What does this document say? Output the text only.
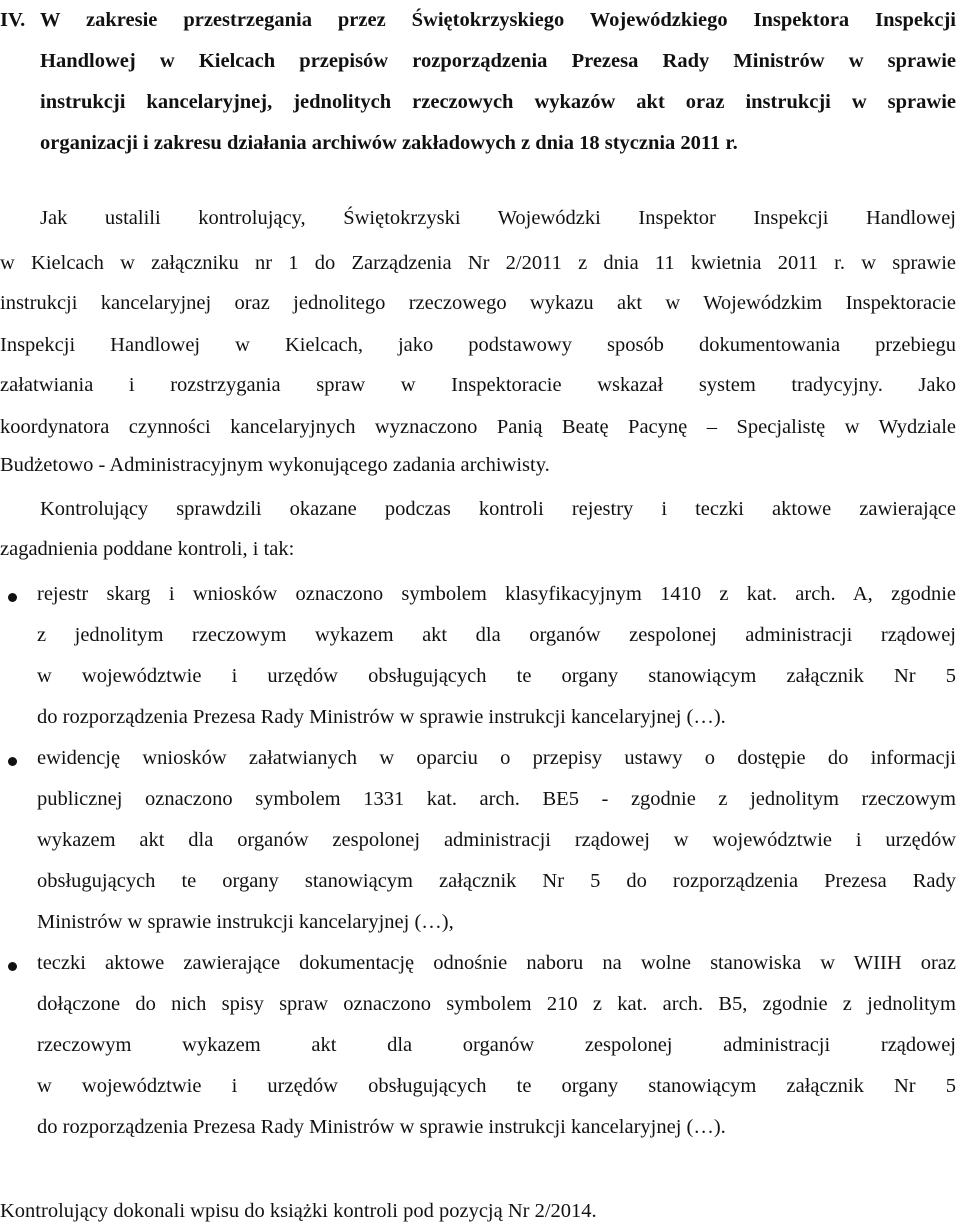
IV. W zakresie przestrzegania przez Świętokrzyskiego Wojewódzkiego Inspektora Inspekcji
Handlowej w Kielcach przepisów rozporządzenia Prezesa Rady Ministrów w sprawie
instrukcji kancelaryjnej, jednolitych rzeczowych wykazów akt oraz instrukcji w sprawie
organizacji i zakresu działania archiwów zakładowych z dnia 18 stycznia 2011 r.
Jak ustalili kontrolujący, Świętokrzyski Wojewódzki Inspektor Inspekcji Handlowej
w Kielcach w załączniku nr 1 do Zarządzenia Nr 2/2011 z dnia 11 kwietnia 2011 r. w sprawie
instrukcji kancelaryjnej oraz jednolitego rzeczowego wykazu akt w Wojewódzkim Inspektoracie
Inspekcji Handlowej w Kielcach, jako podstawowy sposób dokumentowania przebiegu
załatwiania i rozstrzygania spraw w Inspektoracie wskazał system tradycyjny. Jako
koordynatora czynności kancelaryjnych wyznaczono Panią Beatę Pacynę – Specjalistę w Wydziale
Budżetowo - Administracyjnym wykonującego zadania archiwisty.
Kontrolujący sprawdzili okazane podczas kontroli rejestry i teczki aktowe zawierające
zagadnienia poddane kontroli, i tak:
rejestr skarg i wniosków oznaczono symbolem klasyfikacyjnym 1410 z kat. arch. A, zgodnie
z jednolitym rzeczowym wykazem akt dla organów zespolonej administracji rządowej
w województwie i urzędów obsługujących te organy stanowiącym załącznik Nr 5
do rozporządzenia Prezesa Rady Ministrów w sprawie instrukcji kancelaryjnej (…).
ewidencję wniosków załatwianych w oparciu o przepisy ustawy o dostępie do informacji
publicznej oznaczono symbolem 1331 kat. arch. BE5 - zgodnie z jednolitym rzeczowym
wykazem akt dla organów zespolonej administracji rządowej w województwie i urzędów
obsługujących te organy stanowiącym załącznik Nr 5 do rozporządzenia Prezesa Rady
Ministrów w sprawie instrukcji kancelaryjnej (…),
teczki aktowe zawierające dokumentację odnośnie naboru na wolne stanowiska w WIIH oraz
dołączone do nich spisy spraw oznaczono symbolem 210 z kat. arch. B5, zgodnie z jednolitym
rzeczowym wykazem akt dla organów zespolonej administracji rządowej
w województwie i urzędów obsługujących te organy stanowiącym załącznik Nr 5
do rozporządzenia Prezesa Rady Ministrów w sprawie instrukcji kancelaryjnej (…).
Kontrolujący dokonali wpisu do książki kontroli pod pozycją Nr 2/2014.
